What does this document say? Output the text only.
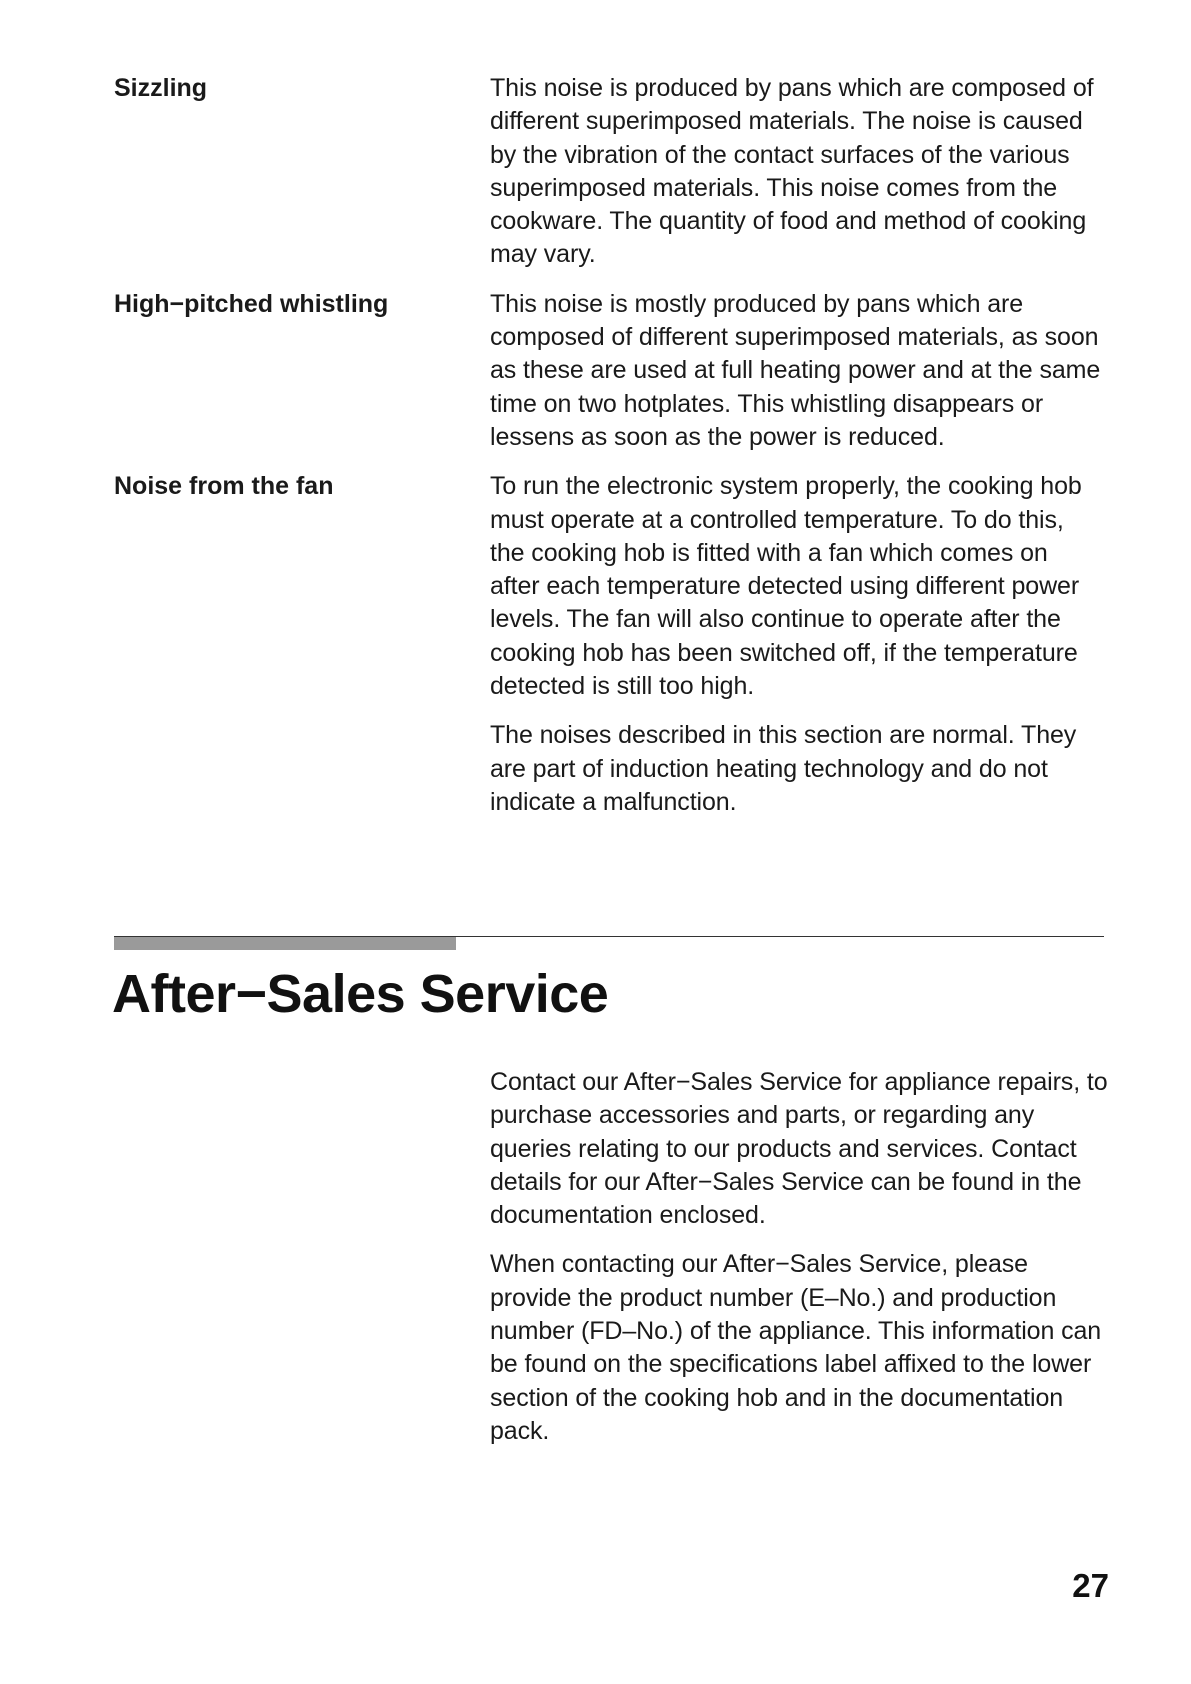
Sizzling	This noise is produced by pans which are composed of different superimposed materials. The noise is caused by the vibration of the contact surfaces of the various superimposed materials. This noise comes from the cookware. The quantity of food and method of cooking may vary.

High−pitched whistling	This noise is mostly produced by pans which are composed of different superimposed materials, as soon as these are used at full heating power and at the same time on two hotplates. This whistling disappears or lessens as soon as the power is reduced.

Noise from the fan	To run the electronic system properly, the cooking hob must operate at a controlled temperature. To do this, the cooking hob is fitted with a fan which comes on after each temperature detected using different power levels. The fan will also continue to operate after the cooking hob has been switched off, if the temperature detected is still too high.

The noises described in this section are normal. They are part of induction heating technology and do not indicate a malfunction.
After−Sales Service

Contact our After−Sales Service for appliance repairs, to purchase accessories and parts, or regarding any queries relating to our products and services. Contact details for our After−Sales Service can be found in the documentation enclosed.

When contacting our After−Sales Service, please provide the product number (E–No.) and production number (FD–No.) of the appliance. This information can be found on the specifications label affixed to the lower section of the cooking hob and in the documentation pack.

27
